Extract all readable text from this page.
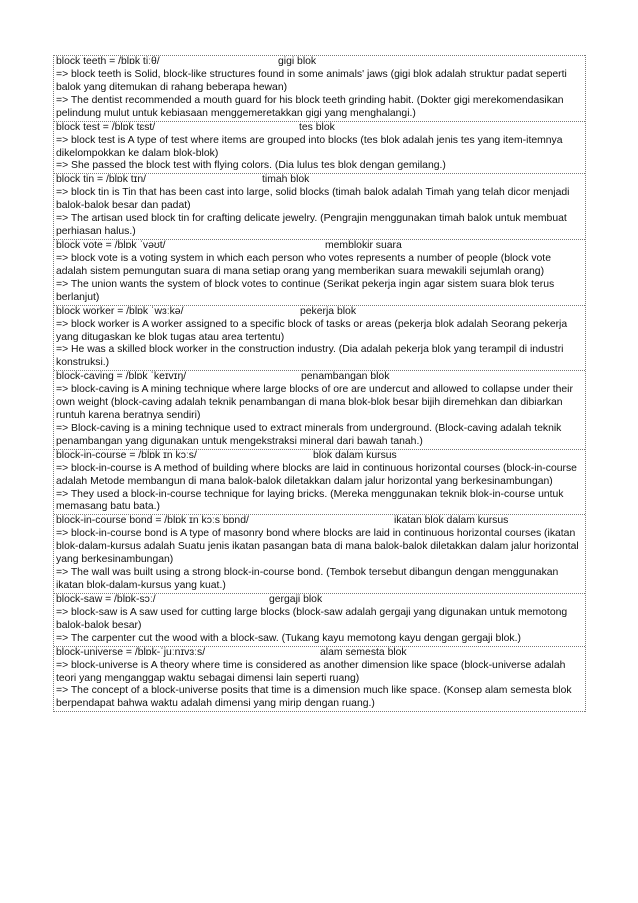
block teeth = /blɒk tiːθ/	gigi blok
=> block teeth is Solid, block-like structures found in some animals' jaws (gigi blok adalah struktur padat seperti balok yang ditemukan di rahang beberapa hewan)
=> The dentist recommended a mouth guard for his block teeth grinding habit. (Dokter gigi merekomendasikan pelindung mulut untuk kebiasaan menggemeretakkan gigi yang menghalangi.)
block test = /blɒk tɛst/	tes blok
=> block test is A type of test where items are grouped into blocks (tes blok adalah jenis tes yang item-itemnya dikelompokkan ke dalam blok-blok)
=> She passed the block test with flying colors. (Dia lulus tes blok dengan gemilang.)
block tin = /blɒk tɪn/	timah blok
=> block tin is Tin that has been cast into large, solid blocks (timah balok adalah Timah yang telah dicor menjadi balok-balok besar dan padat)
=> The artisan used block tin for crafting delicate jewelry. (Pengrajin menggunakan timah balok untuk membuat perhiasan halus.)
block vote = /blɒk ˈvəʊt/	memblokir suara
=> block vote is a voting system in which each person who votes represents a number of people (block vote adalah sistem pemungutan suara di mana setiap orang yang memberikan suara mewakili sejumlah orang)
=> The union wants the system of block votes to continue (Serikat pekerja ingin agar sistem suara blok terus berlanjut)
block worker = /blɒk ˈwɜːkə/	pekerja blok
=> block worker is A worker assigned to a specific block of tasks or areas (pekerja blok adalah Seorang pekerja yang ditugaskan ke blok tugas atau area tertentu)
=> He was a skilled block worker in the construction industry. (Dia adalah pekerja blok yang terampil di industri konstruksi.)
block-caving = /blɒk ˈkeɪvɪŋ/	penambangan blok
=> block-caving is A mining technique where large blocks of ore are undercut and allowed to collapse under their own weight (block-caving adalah teknik penambangan di mana blok-blok besar bijih diremehkan dan dibiarkan runtuh karena beratnya sendiri)
=> Block-caving is a mining technique used to extract minerals from underground. (Block-caving adalah teknik penambangan yang digunakan untuk mengekstraksi mineral dari bawah tanah.)
block-in-course = /blɒk ɪn kɔːs/	blok dalam kursus
=> block-in-course is A method of building where blocks are laid in continuous horizontal courses (block-in-course adalah Metode membangun di mana balok-balok diletakkan dalam jalur horizontal yang berkesinambungan)
=> They used a block-in-course technique for laying bricks. (Mereka menggunakan teknik blok-in-course untuk memasang batu bata.)
block-in-course bond = /blɒk ɪn kɔːs bɒnd/	ikatan blok dalam kursus
=> block-in-course bond is A type of masonry bond where blocks are laid in continuous horizontal courses (ikatan blok-dalam-kursus adalah Suatu jenis ikatan pasangan bata di mana balok-balok diletakkan dalam jalur horizontal yang berkesinambungan)
=> The wall was built using a strong block-in-course bond. (Tembok tersebut dibangun dengan menggunakan ikatan blok-dalam-kursus yang kuat.)
block-saw = /blɒk-sɔː/	gergaji blok
=> block-saw is A saw used for cutting large blocks (block-saw adalah gergaji yang digunakan untuk memotong balok-balok besar)
=> The carpenter cut the wood with a block-saw. (Tukang kayu memotong kayu dengan gergaji blok.)
block-universe = /blɒk-ˈjuːnɪvɜːs/	alam semesta blok
=> block-universe is A theory where time is considered as another dimension like space (block-universe adalah teori yang menganggap waktu sebagai dimensi lain seperti ruang)
=> The concept of a block-universe posits that time is a dimension much like space. (Konsep alam semesta blok berpendapat bahwa waktu adalah dimensi yang mirip dengan ruang.)
